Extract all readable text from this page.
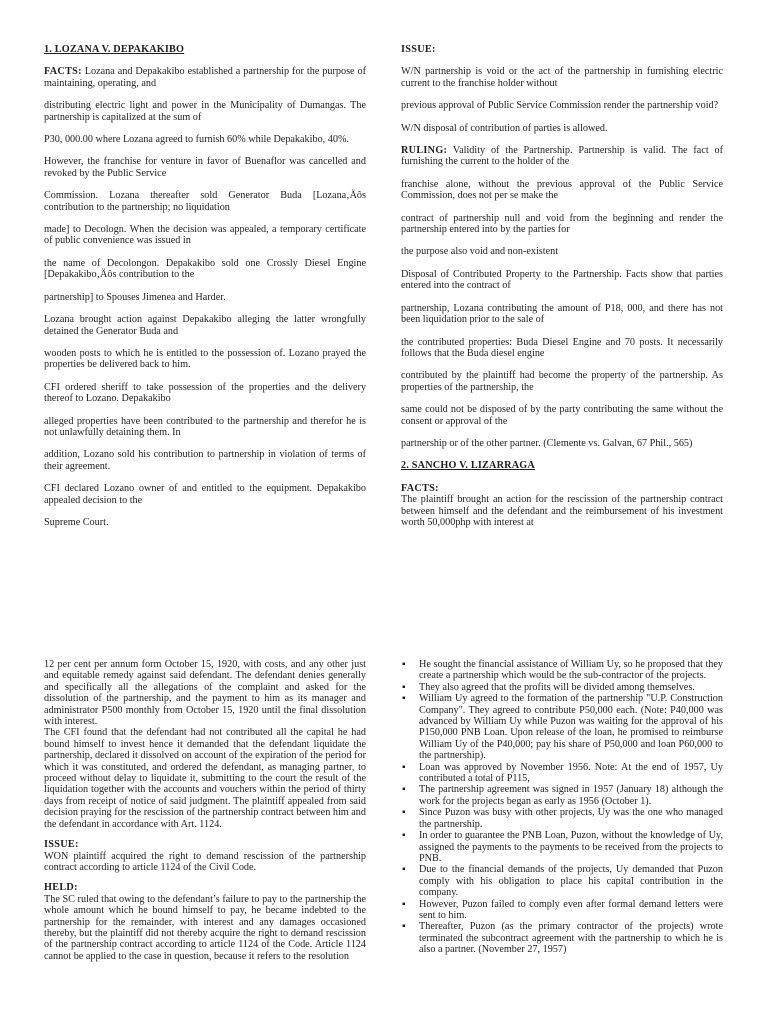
1. LOZANA V. DEPAKAKIBO

FACTS: Lozana and Depakakibo established a partnership for the purpose of maintaining, operating, and

distributing electric light and power in the Municipality of Dumangas. The partnership is capitalized at the sum of

P30, 000.00 where Lozana agreed to furnish 60% while Depakakibo, 40%.

However, the franchise for venture in favor of Buenaflor was cancelled and revoked by the Public Service

Commission. Lozana thereafter sold Generator Buda [Lozana‚Äôs contribution to the partnership; no liquidation

made] to Decologn. When the decision was appealed, a temporary certificate of public convenience was issued in

the name of Decolongon. Depakakibo sold one Crossly Diesel Engine [Depakakibo‚Äôs contribution to the

partnership] to Spouses Jimenea and Harder.

Lozana brought action against Depakakibo alleging the latter wrongfully detained the Generator Buda and

wooden posts to which he is entitled to the possession of. Lozano prayed the properties be delivered back to him.

CFI ordered sheriff to take possession of the properties and the delivery thereof to Lozano. Depakakibo

alleged properties have been contributed to the partnership and therefor he is not unlawfully detaining them. In

addition, Lozano sold his contribution to partnership in violation of terms of their agreement.

CFI declared Lozano owner of and entitled to the equipment. Depakakibo appealed decision to the

Supreme Court.

ISSUE:

W/N partnership is void or the act of the partnership in furnishing electric current to the franchise holder without

previous approval of Public Service Commission render the partnership void?

W/N disposal of contribution of parties is allowed.

RULING: Validity of the Partnership. Partnership is valid. The fact of furnishing the current to the holder of the

franchise alone, without the previous approval of the Public Service Commission, does not per se make the

contract of partnership null and void from the beginning and render the partnership entered into by the parties for

the purpose also void and non-existent

Disposal of Contributed Property to the Partnership. Facts show that parties entered into the contract of

partnership, Lozana contributing the amount of P18, 000, and there has not been liquidation prior to the sale of

the contributed properties: Buda Diesel Engine and 70 posts. It necessarily follows that the Buda diesel engine

contributed by the plaintiff had become the property of the partnership. As properties of the partnership, the

same could not be disposed of by the party contributing the same without the consent or approval of the

partnership or of the other partner. (Clemente vs. Galvan, 67 Phil., 565)

2. SANCHO V. LIZARRAGA

FACTS:

The plaintiff brought an action for the rescission of the partnership contract between himself and the defendant and the reimbursement of his investment worth 50,000php with interest at

12 per cent per annum form October 15, 1920, with costs, and any other just and equitable remedy against said defendant. The defendant denies generally and specifically all the allegations of the complaint and asked for the dissolution of the partnership, and the payment to him as its manager and administrator P500 monthly from October 15, 1920 until the final dissolution with interest.

The CFI found that the defendant had not contributed all the capital he had bound himself to invest hence it demanded that the defendant liquidate the partnership, declared it dissolved on account of the expiration of the period for which it was constituted, and ordered the defendant, as managing partner, to proceed without delay to liquidate it, submitting to the court the result of the liquidation together with the accounts and vouchers within the period of thirty days from receipt of notice of said judgment. The plaintiff appealed from said decision praying for the rescission of the partnership contract between him and the defendant in accordance with Art. 1124.

ISSUE:

WON plaintiff acquired the right to demand rescission of the partnership contract according to article 1124 of the Civil Code.

HELD:

The SC ruled that owing to the defendant’s failure to pay to the partnership the whole amount which he bound himself to pay, he became indebted to the partnership for the remainder, with interest and any damages occasioned thereby, but the plaintiff did not thereby acquire the right to demand rescission of the partnership contract according to article 1124 of the Code. Article 1124 cannot be applied to the case in question, because it refers to the resolution

▪ He sought the financial assistance of William Uy, so he proposed that they create a partnership which would be the sub-contractor of the projects.
▪ They also agreed that the profits will be divided among themselves.
▪ William Uy agreed to the formation of the partnership "U.P. Construction Company". They agreed to contribute P50,000 each. (Note: P40,000 was advanced by William Uy while Puzon was waiting for the approval of his P150,000 PNB Loan. Upon release of the loan, he promised to reimburse William Uy of the P40,000; pay his share of P50,000 and loan P60,000 to the partnership).
▪ Loan was approved by November 1956. Note: At the end of 1957, Uy contributed a total of P115,
▪ The partnership agreement was signed in 1957 (January 18) although the work for the projects began as early as 1956 (October 1).
▪ Since Puzon was busy with other projects, Uy was the one who managed the partnership.
▪ In order to guarantee the PNB Loan, Puzon, without the knowledge of Uy, assigned the payments to the payments to be received from the projects to PNB.
▪ Due to the financial demands of the projects, Uy demanded that Puzon comply with his obligation to place his capital contribution in the company.
▪ However, Puzon failed to comply even after formal demand letters were sent to him.
▪ Thereafter, Puzon (as the primary contractor of the projects) wrote terminated the subcontract agreement with the partnership to which he is also a partner. (November 27, 1957)
